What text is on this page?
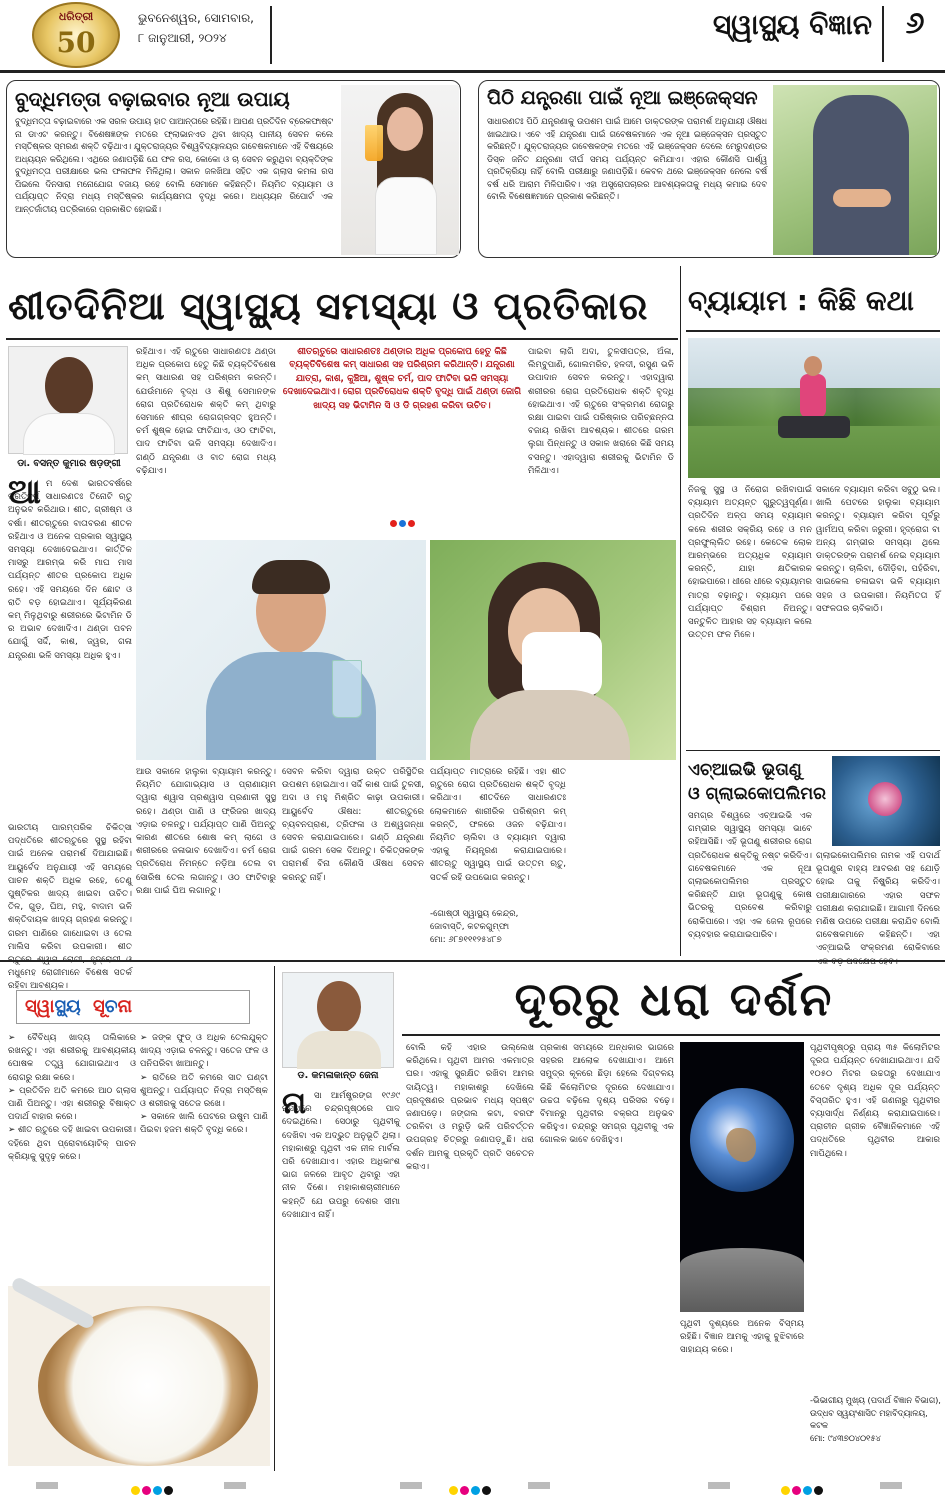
ଧରିତ୍ରୀ
50
ଭୁବନେଶ୍ୱର, ସୋମବାର,
୮ ଜାନୁଆରୀ, ୨୦୨୪	ସ୍ୱାସ୍ଥ୍ୟ ବିଜ୍ଞାନ	୬
ବୁଦ୍ଧିମତ୍ତା ବଢ଼ାଇବାର ନୂଆ ଉପାୟ
ବୁଦ୍ଧିମତ୍ତା ବଢ଼ାଇବାରେ ଏକ ସରଳ ଉପାୟ ହାତ ପାଆନ୍ତାରେ ରହିଛି। ଆପଣ ପ୍ରତିଦିନ ବ୍ରେକଫାଷ୍ଟ ନା ଡାଏଟ କରନ୍ତୁ। ବିଶେଷଜ୍ଞଙ୍କ ମତରେ ଫ୍ଲାଭାନଏଡ ଥିବା ଖାଦ୍ୟ ପାନୀୟ ସେବନ କଲେ ମସ୍ତିଷ୍କର ସ୍ମରଣ ଶକ୍ତି ବଢ଼ିଥାଏ। ଯୁକ୍ତରାଜ୍ୟର ବିଶ୍ୱବିଦ୍ୟାଳୟର ଗବେଷକମାନେ ଏହି ବିଷୟରେ ଅଧ୍ୟୟନ କରିଥିଲେ। ଏଥିରେ ଜଣାପଡ଼ିଛି ଯେ ଫଳ ରସ, କୋକୋ ଓ ଚା ସେବନ କରୁଥିବା ବ୍ୟକ୍ତିଙ୍କ ବୁଦ୍ଧିମତ୍ତା ପରୀକ୍ଷାରେ ଭଲ ଫଳାଫଳ ମିଳିଥିଲା। ସକାଳ ଜଳଖିଆ ସହିତ ଏକ ଗ୍ଲାସ କମଳା ରସ ପିଇଲେ ଦିନସାରା ମନୋଯୋଗ ବଜାୟ ରହେ ବୋଲି ସେମାନେ କହିଛନ୍ତି। ନିୟମିତ ବ୍ୟାୟାମ ଓ ପର୍ଯ୍ୟାପ୍ତ ନିଦ୍ରା ମଧ୍ୟ ମସ୍ତିଷ୍କର କାର୍ଯ୍ୟକ୍ଷମତା ବୃଦ୍ଧି କରେ। ଅଧ୍ୟୟନ ରିପୋର୍ଟ ଏକ ଆନ୍ତର୍ଜାତୀୟ ପତ୍ରିକାରେ ପ୍ରକାଶିତ ହୋଇଛି।
ପିଠି ଯନ୍ତ୍ରଣା ପାଇଁ ନୂଆ ଇଞ୍ଜେକ୍ସନ
ସାଧାରଣତଃ ପିଠି ଯନ୍ତ୍ରଣାକୁ ଉପଶମ ପାଇଁ ଆମେ ଡାକ୍ତରଙ୍କ ପରାମର୍ଶ ଅନୁଯାୟୀ ଔଷଧ ଖାଇଥାଉ। ଏବେ ଏହି ଯନ୍ତ୍ରଣା ପାଇଁ ଗବେଷକମାନେ ଏକ ନୂଆ ଇଞ୍ଜେକ୍ସନ ପ୍ରସ୍ତୁତ କରିଛନ୍ତି। ଯୁକ୍ତରାଜ୍ୟର ଗବେଷକଙ୍କ ମତରେ ଏହି ଇଞ୍ଜେକ୍ସନ ଦେଲେ ମେରୁଦଣ୍ଡର ଡିସ୍କ ଜନିତ ଯନ୍ତ୍ରଣା ଦୀର୍ଘ ସମୟ ପର୍ଯ୍ୟନ୍ତ କମିଯାଏ। ଏହାର କୌଣସି ପାର୍ଶ୍ୱ ପ୍ରତିକ୍ରିୟା ନାହିଁ ବୋଲି ପରୀକ୍ଷାରୁ ଜଣାପଡ଼ିଛି। କେବଳ ଥରେ ଇଞ୍ଜେକ୍ସନ ନେଲେ ବର୍ଷ ବର୍ଷ ଧରି ଆରାମ ମିଳିପାରିବ। ଏହା ଅସ୍ତ୍ରୋପଚାରର ଆବଶ୍ୟକତାକୁ ମଧ୍ୟ କମାଇ ଦେବ ବୋଲି ବିଶେଷଜ୍ଞମାନେ ପ୍ରକାଶ କରିଛନ୍ତି।
ଶୀତଦିନିଆ ସ୍ୱାସ୍ଥ୍ୟ ସମସ୍ୟା ଓ ପ୍ରତିକାର
ଡା. ବସନ୍ତ କୁମାର ଷଡ଼ଙ୍ଗୀ
ଆ ମ ଦେଶ ଭାରତବର୍ଷରେ ପ୍ରତିବର୍ଷ ସାଧାରଣତଃ ତିନୋଟି ଋତୁ ଅନୁଭବ କରିଥାଉ। ଶୀତ, ଗ୍ରୀଷ୍ମ ଓ ବର୍ଷା। ଶୀତଋତୁରେ ବାତାବରଣ ଶୀତଳ ରହିଥାଏ ଓ ଅନେକ ପ୍ରକାର ସ୍ୱାସ୍ଥ୍ୟ ସମସ୍ୟା ଦେଖାଦେଇଥାଏ। କାର୍ତ୍ତିକ ମାସରୁ ଆରମ୍ଭ କରି ମାଘ ମାସ ପର୍ଯ୍ୟନ୍ତ ଶୀତର ପ୍ରକୋପ ଅଧିକ ରହେ। ଏହି ସମୟରେ ଦିନ ଛୋଟ ଓ ରାତି ବଡ଼ ହୋଇଥାଏ। ସୂର୍ଯ୍ୟକିରଣ କମ୍ ମିଳୁଥିବାରୁ ଶରୀରରେ ଭିଟାମିନ ଡି ର ଅଭାବ ଦେଖାଦିଏ। ଥଣ୍ଡା ପବନ ଯୋଗୁଁ ସର୍ଦ୍ଦି, କାଶ, ଜ୍ୱର, ଗଳା ଯନ୍ତ୍ରଣା ଭଳି ସମସ୍ୟା ଅଧିକ ହୁଏ।
ରହିଥାଏ। ଏହି ଋତୁରେ ସାଧାରଣତଃ ଥଣ୍ଡା ଅଧିକ ପ୍ରକୋପ ହେତୁ କିଛି ବ୍ୟକ୍ତିବିଶେଷ କମ୍ ସାଧାରଣ ସହ ପରିଶ୍ରମ କରନ୍ତି। ଯେଉଁମାନେ ବୃଦ୍ଧ ଓ ଶିଶୁ ସେମାନଙ୍କ ରୋଗ ପ୍ରତିରୋଧକ ଶକ୍ତି କମ୍ ଥିବାରୁ ସେମାନେ ଶୀଘ୍ର ରୋଗଗ୍ରସ୍ତ ହୁଅନ୍ତି। ଚର୍ମ ଶୁଷ୍କ ହୋଇ ଫାଟିଯାଏ, ଓଠ ଫାଟିବା, ପାଦ ଫାଟିବା ଭଳି ସମସ୍ୟା ଦେଖାଦିଏ। ଗଣ୍ଠି ଯନ୍ତ୍ରଣା ଓ ବାତ ରୋଗ ମଧ୍ୟ ବଢ଼ିଯାଏ।
ଶୀତଋତୁରେ ସାଧାରଣତଃ ଥଣ୍ଡାର ଅଧିକ ପ୍ରକୋପ ହେତୁ କିଛି ବ୍ୟକ୍ତିବିଶେଷ କମ୍ ସାଧାରଣ ସହ ପରିଶ୍ରମ କରିଥାନ୍ତି। ଯନ୍ତ୍ରଣା ଯାତ୍ରା, କାଶ, କୁଞ୍ଚିଆ, ଶୁଷ୍କ ଚର୍ମ, ପାଦ ଫାଟିବା ଭଳି ସମସ୍ୟା ଦେଖାଦେଇଥାଏ। ରୋଗ ପ୍ରତିରୋଧକ ଶକ୍ତି ବୃଦ୍ଧି ପାଇଁ ଥଣ୍ଡା ଜୋଗି ଖାଦ୍ୟ ସହ ଭିଟାମିନ ସି ଓ ଡି ଗ୍ରହଣ କରିବା ଉଚିତ।
ପାଇବା ଲାଗି ଅଦା, ତୁଳସୀପତ୍ର, ଅଁଳା, ଲିମ୍ବୁପାଣି, ଗୋଲମରିଚ, ହଳଦୀ, ରସୁଣ ଭଳି ଉପାଦାନ ସେବନ କରନ୍ତୁ। ଏହାଦ୍ୱାରା ଶରୀରର ରୋଗ ପ୍ରତିରୋଧକ ଶକ୍ତି ବୃଦ୍ଧି ହୋଇଥାଏ। ଏହି ଋତୁରେ ସଂକ୍ରମଣ ରୋଗରୁ ରକ୍ଷା ପାଇବା ପାଇଁ ପରିଷ୍କାର ପରିଚ୍ଛନ୍ନତା ବଜାୟ ରଖିବା ଆବଶ୍ୟକ। ଶୀତରେ ଗରମ ଲୁଗା ପିନ୍ଧନ୍ତୁ ଓ ସକାଳ ଖରାରେ କିଛି ସମୟ ବସନ୍ତୁ। ଏହାଦ୍ୱାରା ଶରୀରକୁ ଭିଟାମିନ ଡି ମିଳିଥାଏ।
ଭାରତୀୟ ପାରମ୍ପରିକ ଚିକିତ୍ସା ପଦ୍ଧତିରେ ଶୀତଋତୁରେ ସୁସ୍ଥ ରହିବା ପାଇଁ ଅନେକ ପରାମର୍ଶ ଦିଆଯାଇଛି। ଆୟୁର୍ବେଦ ଅନୁଯାୟୀ ଏହି ସମୟରେ ପାଚନ ଶକ୍ତି ଅଧିକ ରହେ, ତେଣୁ ପୁଷ୍ଟିକର ଖାଦ୍ୟ ଖାଇବା ଉଚିତ। ତିଳ, ଗୁଡ଼, ଘିଅ, ମହୁ, ବାଦାମ ଭଳି ଶକ୍ତିଦାୟକ ଖାଦ୍ୟ ଗ୍ରହଣ କରନ୍ତୁ। ଗରମ ପାଣିରେ ଗାଧୋଇବା ଓ ତେଲ ମାଲିସ କରିବା ଉପକାରୀ। ଶୀତ ମଧୁମେହ ରୋଗୀମାନେ ବିଶେଷ ସତର୍କ ରହିବା ଆବଶ୍ୟକ।
ଆଉ ସକାଳେ ହାଲୁକା ବ୍ୟାୟାମ କରନ୍ତୁ। ନିୟମିତ ଯୋଗାଭ୍ୟାସ ଓ ପ୍ରାଣାୟାମ ଦ୍ୱାରା ଶ୍ୱାସ ପ୍ରଶ୍ୱାସ ପ୍ରଣାଳୀ ସୁସ୍ଥ ରହେ। ଥଣ୍ଡା ପାଣି ଓ ଫ୍ରିଜର ଖାଦ୍ୟ ଏଡ଼ାଇ ଚଳନ୍ତୁ। ପର୍ଯ୍ୟାପ୍ତ ପାଣି ପିଅନ୍ତୁ କାରଣ ଶୀତରେ ଶୋଷ କମ୍ ଲାଗେ ଓ ଶରୀରରେ ଜଳାଭାବ ଦେଖାଦିଏ। ଚର୍ମ ରୋଗ ପ୍ରତିରୋଧ ନିମନ୍ତେ ନଡ଼ିଆ ତେଲ ବା ସୋରିଷ ତେଲ ଲଗାନ୍ତୁ। ଓଠ ଫାଟିବାରୁ ରକ୍ଷା ପାଇଁ ଘିଅ ଲଗାନ୍ତୁ।
ସେବନ କରିବା ଦ୍ୱାରା ଉକ୍ତ ପରିସ୍ଥିତିର ଉପଶମ ହୋଇଥାଏ। ସର୍ଦ୍ଦି କାଶ ପାଇଁ ତୁଳସୀ, ଅଦା ଓ ମହୁ ମିଶ୍ରିତ କାଢ଼ା ଉପକାରୀ। ଆୟୁର୍ବେଦ ଔଷଧ: ଶୀତଋତୁରେ ଚ୍ୟବନପ୍ରାଶ, ତ୍ରିଫଳା ଓ ଅଶ୍ୱଗନ୍ଧା ସେବନ କରାଯାଇପାରେ। ଗଣ୍ଠି ଯନ୍ତ୍ରଣା ପାଇଁ ଗରମ ସେକ ଦିଅନ୍ତୁ। ଚିକିତ୍ସକଙ୍କ ପରାମର୍ଶ ବିନା କୌଣସି ଔଷଧ ସେବନ କରନ୍ତୁ ନାହିଁ।
ପର୍ଯ୍ୟାପ୍ତ ମାତ୍ରାରେ ରହିଛି। ଏହା ଶୀତ ଋତୁରେ ରୋଗ ପ୍ରତିରୋଧକ ଶକ୍ତି ବୃଦ୍ଧି କରିଥାଏ। ଶୀତଦିନେ ସାଧାରଣତଃ ଲୋକମାନେ ଶାରୀରିକ ପରିଶ୍ରମ କମ୍ କରନ୍ତି, ଫଳରେ ଓଜନ ବଢ଼ିଯାଏ। ନିୟମିତ ଚାଲିବା ଓ ବ୍ୟାୟାମ ଦ୍ୱାରା ଏହାକୁ ନିୟନ୍ତ୍ରଣ କରାଯାଇପାରେ। ଶୀତଋତୁ ସ୍ୱାସ୍ଥ୍ୟ ପାଇଁ ଉତ୍ତମ ଋତୁ, ସତର୍କ ରହି ଉପଭୋଗ କରନ୍ତୁ।
-ଗୋଷ୍ଠୀ ସ୍ୱାସ୍ଥ୍ୟ କେନ୍ଦ୍ର,
ଜୋବାସ୍ତି, କଟକଗୁମ୍ଫା
ମୋ: ୬୮୭୧୧୧୨୫୪୮୭
ବ୍ୟାୟାମ : କିଛି କଥା
ନିଜକୁ ସୁସ୍ଥ ଓ ନିରୋଗ ରଖିବାପାଇଁ ବ୍ୟାୟାମ ଅତ୍ୟନ୍ତ ଗୁରୁତ୍ୱପୂର୍ଣ୍ଣ। ପ୍ରତିଦିନ ଅଳ୍ପ ସମୟ ବ୍ୟାୟାମ କଲେ ଶରୀର ସକ୍ରିୟ ରହେ ଓ ମନ ପ୍ରଫୁଲ୍ଲିତ ରହେ। କେତେକ ଲୋକ ଆରମ୍ଭରେ ଅତ୍ୟଧିକ ବ୍ୟାୟାମ କରନ୍ତି, ଯାହା କ୍ଷତିକାରକ ହୋଇପାରେ। ଧୀରେ ଧୀରେ ବ୍ୟାୟାମର ମାତ୍ରା ବଢ଼ାନ୍ତୁ। ବ୍ୟାୟାମ ପରେ ପର୍ଯ୍ୟାପ୍ତ ବିଶ୍ରାମ ନିଅନ୍ତୁ। ସନ୍ତୁଳିତ ଆହାର ସହ ବ୍ୟାୟାମ କଲେ ଉତ୍ତମ ଫଳ ମିଳେ।
ସକାଳେ ବ୍ୟାୟାମ କରିବା ସବୁଠୁ ଭଲ। ଖାଲି ପେଟରେ ହାଲୁକା ବ୍ୟାୟାମ କରନ୍ତୁ। ବ୍ୟାୟାମ କରିବା ପୂର୍ବରୁ ୱାର୍ମଅପ୍ କରିବା ଜରୁରୀ। ହୃଦ୍‌ରୋଗ ବା ଅନ୍ୟ ଗମ୍ଭୀର ସମସ୍ୟା ଥିଲେ ଡାକ୍ତରଙ୍କ ପରାମର୍ଶ ନେଇ ବ୍ୟାୟାମ କରନ୍ତୁ। ଚାଲିବା, ଦୌଡ଼ିବା, ପହଁରିବା, ସାଇକେଲ ଚଳାଇବା ଭଳି ବ୍ୟାୟାମ ସହଜ ଓ ଉପକାରୀ। ନିୟମିତତା ହିଁ ସଫଳତାର ଚାବିକାଠି।
ଏଚ୍ଆଇଭି ଭୂତାଣୁ
ଓ ଗ୍ଲାଇକୋପଲିମର
ସମଗ୍ର ବିଶ୍ୱରେ ଏଚ୍ଆଇଭି ଏକ ଗମ୍ଭୀର ସ୍ୱାସ୍ଥ୍ୟ ସମସ୍ୟା ଭାବେ ରହିଆସିଛି। ଏହି ଭୂତାଣୁ ଶରୀରର ରୋଗ ପ୍ରତିରୋଧକ ଶକ୍ତିକୁ ନଷ୍ଟ କରିଦିଏ। ଗବେଷକମାନେ ଏକ ନୂଆ ଗ୍ଲାଇକୋପଲିମର ପ୍ରସ୍ତୁତ କରିଛନ୍ତି ଯାହା ଭୂତାଣୁକୁ କୋଷ ଭିତରକୁ ପ୍ରବେଶ କରିବାରୁ ରୋକିପାରେ। ଏହା ଏକ ଜେଲ ରୂପରେ ବ୍ୟବହାର କରାଯାଇପାରିବ।
ଗ୍ଲାଇକୋପଲିମର ନାମକ ଏହି ପଦାର୍ଥ ଭୂତାଣୁର ବାହ୍ୟ ଆବରଣ ସହ ଯୋଡ଼ି ହୋଇ ତାକୁ ନିଷ୍କ୍ରିୟ କରିଦିଏ। ପରୀକ୍ଷାଗାରରେ ଏହାର ସଫଳ ପରୀକ୍ଷଣ କରାଯାଇଛି। ଆଗାମୀ ଦିନରେ ମଣିଷ ଉପରେ ପରୀକ୍ଷା କରାଯିବ ବୋଲି ଗବେଷକମାନେ କହିଛନ୍ତି। ଏହା ଏଚ୍ଆଇଭି ସଂକ୍ରମଣ ରୋକିବାରେ
ସ୍ୱାସ୍ଥ୍ୟ ସୂଚନା

➢ ବୈବିଧ୍ୟ ଖାଦ୍ୟ ତାଲିକାରେ ରଖନ୍ତୁ। ଏହା ଶରୀରକୁ ଆବଶ୍ୟକୀୟ ପୋଷକ ତତ୍ତ୍ୱ ଯୋଗାଇଥାଏ ଓ ରୋଗରୁ ରକ୍ଷା କରେ।

➢ ପ୍ରତିଦିନ ଅତି କମରେ ଆଠ ଗ୍ଲାସ ପାଣି ପିଅନ୍ତୁ। ଏହା ଶରୀରରୁ ବିଷାକ୍ତ ପଦାର୍ଥ ବାହାର କରେ।

➢ ଶୀତ ଋତୁରେ ଦହି ଖାଇବା ଉପକାରୀ। ଦହିରେ ଥିବା ପ୍ରୋବାୟୋଟିକ୍ ପାଚନ କ୍ରିୟାକୁ ସୁଦୃଢ଼ କରେ।

➢ ଜଙ୍କ ଫୁଡ୍ ଓ ଅଧିକ ତେଲଯୁକ୍ତ ଖାଦ୍ୟ ଏଡ଼ାଇ ଚଳନ୍ତୁ। ସତେଜ ଫଳ ଓ ପନିପରିବା ଖାଆନ୍ତୁ।

➢ ରାତିରେ ଅତି କମରେ ସାତ ଘଣ୍ଟା ଶୁଅନ୍ତୁ। ପର୍ଯ୍ୟାପ୍ତ ନିଦ୍ରା ମସ୍ତିଷ୍କ ଓ ଶରୀରକୁ ସତେଜ ରଖେ।

➢ ସକାଳେ ଖାଲି ପେଟରେ ଉଷୁମ ପାଣି ପିଇବା ହଜମ ଶକ୍ତି ବୃଦ୍ଧି କରେ।

ଡ. କମଳାକାନ୍ତ ଜେନା
ଦୂରରୁ ଧରା ଦର୍ଶନ
ନା ସା ଆର୍ମଷ୍ଟ୍ରଙ୍ଗ ୧୯୬୯ ମସିହାରେ ଚନ୍ଦ୍ରପୃଷ୍ଠରେ ପାଦ ଦେଇଥିଲେ। ସେଠାରୁ ପୃଥିବୀକୁ ଦେଖିବା ଏକ ଅଦ୍ଭୁତ ଅନୁଭୂତି ଥିଲା। ମହାକାଶରୁ ପୃଥିବୀ ଏକ ନୀଳ ମାର୍ବଲ ପରି ଦେଖାଯାଏ। ଏହାର ଅଧିକାଂଶ ଭାଗ ଜଳରେ ଆବୃତ ଥିବାରୁ ଏହା ନୀଳ ଦିଶେ। ମହାକାଶଚାରୀମାନେ କହନ୍ତି ଯେ ଉପରୁ ଦେଶର ସୀମା ଦେଖାଯାଏ ନାହିଁ।
ବୋଲି କହି ଏହାର ଉଲ୍ଲେଖ କରିଥିଲେ। ପୃଥିବୀ ଆମର ଏକମାତ୍ର ଘର। ଏହାକୁ ସୁରକ୍ଷିତ ରଖିବା ଆମର ଦାୟିତ୍ୱ। ମହାକାଶରୁ ଦେଖିଲେ ପ୍ରଦୂଷଣର ପ୍ରଭାବ ମଧ୍ୟ ସ୍ପଷ୍ଟ ଜଣାପଡ଼େ। ଜଙ୍ଗଲ କଟା, ବରଫ ତରଳିବା ଓ ମରୁଡ଼ି ଭଳି ପରିବର୍ତ୍ତନ ଉପଗ୍ରହ ଚିତ୍ରରୁ ଜଣାପଡ଼ୁଛି। ଧରା ଦର୍ଶନ ଆମକୁ ପ୍ରକୃତି ପ୍ରତି ସଚେତନ କରାଏ।
ପ୍ରକାଶ ସମୟରେ ଅନ୍ଧକାର ଭାଗରେ ସହରର ଆଲୋକ ଦେଖାଯାଏ। ଆମେ ସମୁଦ୍ର କୂଳରେ ଛିଡ଼ା ହେଲେ ଦିଗ୍‌ବଳୟ କିଛି କିଲୋମିଟର ଦୂରରେ ଦେଖାଯାଏ। ଉଚ୍ଚତା ବଢ଼ିଲେ ଦୃଶ୍ୟ ପରିସର ବଢ଼େ। ବିମାନରୁ ପୃଥିବୀର ବକ୍ରତା ଅନୁଭବ କରିହୁଏ। ଚନ୍ଦ୍ରରୁ ସମଗ୍ର ପୃଥିବୀକୁ ଏକ ଗୋଲକ ଭାବେ ଦେଖିହୁଏ।
ପୃଥିବୀପୃଷ୍ଠରୁ ପ୍ରାୟ ୩୫ କିଲୋମିଟର ଦୂରତା ପର୍ଯ୍ୟନ୍ତ ଦେଖାଯାଇଥାଏ। ଯଦି ୧୦୫୦ ମିଟର ଉଚ୍ଚତାରୁ ଦେଖାଯାଏ ତେବେ ଦୃଶ୍ୟ ଅଧିକ ଦୂର ପର୍ଯ୍ୟନ୍ତ ବିସ୍ତାରିତ ହୁଏ। ଏହି ଗଣନାରୁ ପୃଥିବୀର ବ୍ୟାସାର୍ଦ୍ଧ ନିର୍ଣ୍ଣୟ କରାଯାଇପାରେ। ପ୍ରାଚୀନ ଗ୍ରୀକ ବୈଜ୍ଞାନିକମାନେ ଏହି ପଦ୍ଧତିରେ ପୃଥିବୀର ଆକାର ମାପିଥିଲେ।
ପୃଥିବୀ ଦୃଶ୍ୟରେ ଅନେକ ବିସ୍ମୟ ରହିଛି। ବିଜ୍ଞାନ ଆମକୁ ଏହାକୁ ବୁଝିବାରେ ସାହାଯ୍ୟ କରେ।
-ଭିଭାଗୀୟ ମୁଖ୍ୟ (ପଦାର୍ଥ ବିଜ୍ଞାନ ବିଭାଗ),
ଉଦ୍ଧବ ସ୍ୱୟଂଶାସିତ ମହାବିଦ୍ୟାଳୟ, କଟକ
ମୋ: ୯୪୩୭୦୪୦୧୫୪
